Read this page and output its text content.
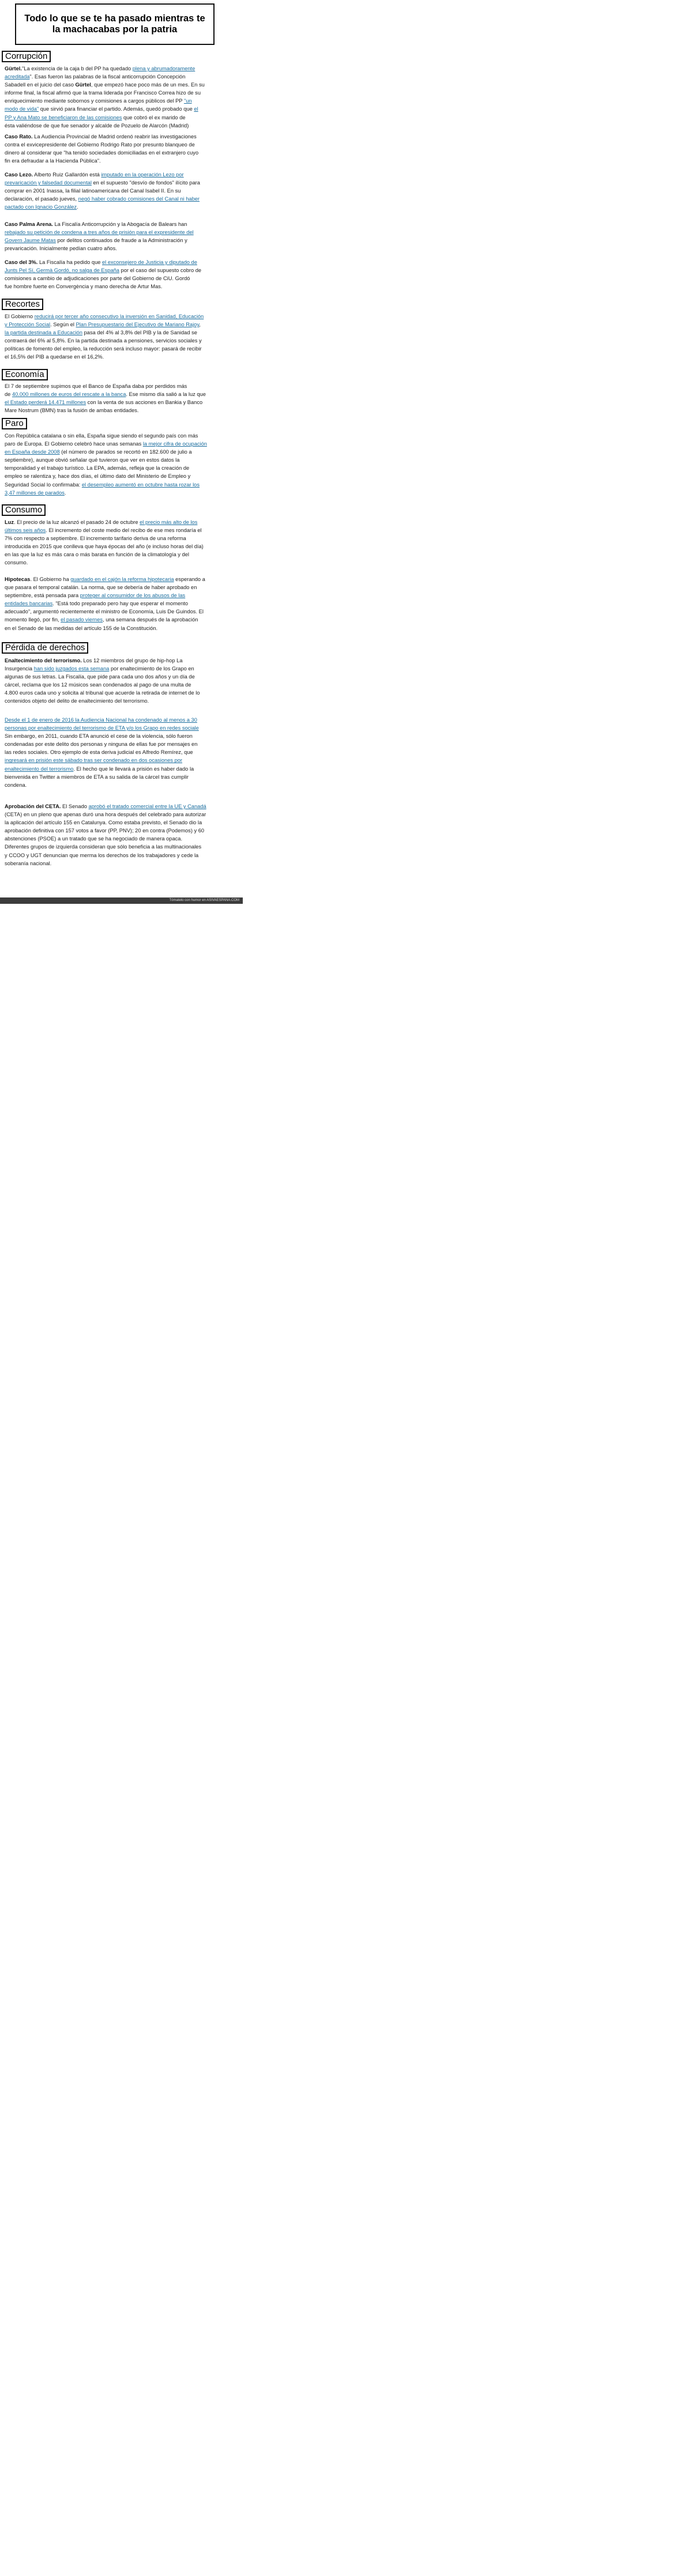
Todo lo que se te ha pasado mientras te la machacabas por la patria
Corrupción
Gürtel."La existencia de la caja b del PP ha quedado plena y abrumadoramente
acreditada". Esas fueron las palabras de la fiscal anticorrupción Concepción
Sabadell en el juicio del caso Gürtel, que empezó hace poco más de un mes. En su
informe final, la fiscal afirmó que la trama liderada por Francisco Correa hizo de su
enriquecimiento mediante sobornos y comisiones a cargos públicos del PP "un
modo de vida" que sirvió para financiar el partido. Además, quedó probado que el
PP y Ana Mato se beneficiaron de las comisiones que cobró el ex marido de
ésta valiéndose de que fue senador y alcalde de Pozuelo de Alarcón (Madrid)
Caso Rato. La Audiencia Provincial de Madrid ordenó reabrir las investigaciones
contra el exvicepresidente del Gobierno Rodrigo Rato por presunto blanqueo de
dinero al considerar que "ha tenido sociedades domiciliadas en el extranjero cuyo
fin era defraudar a la Hacienda Pública".
Caso Lezo. Alberto Ruiz Gallardón está imputado en la operación Lezo por
prevaricación y falsedad documental en el supuesto "desvío de fondos" ilícito para
comprar en 2001 Inassa, la filial latinoamericana del Canal Isabel II. En su
declaración, el pasado jueves, negó haber cobrado comisiones del Canal ni haber
pactado con Ignacio González.
Caso Palma Arena. La Fiscalía Anticorrupción y la Abogacía de Balears han
rebajado su petición de condena a tres años de prisión para el expresidente del
Govern Jaume Matas por delitos continuados de fraude a la Administración y
prevaricación. Inicialmente pedían cuatro años.
Caso del 3%. La Fiscalía ha pedido que el exconsejero de Justicia y diputado de
Junts Pel Sí, Germà Gordó, no salga de España por el caso del supuesto cobro de
comisiones a cambio de adjudicaciones por parte del Gobierno de CiU. Gordó
fue hombre fuerte en Convergència y mano derecha de Artur Mas.
Recortes
El Gobierno reducirá por tercer año consecutivo la inversión en Sanidad, Educación
y Protección Social. Según el Plan Presupuestario del Ejecutivo de Mariano Rajoy,
la partida destinada a Educación pasa del 4% al 3,8% del PIB y la de Sanidad se
contraerá del 6% al 5,8%. En la partida destinada a pensiones, servicios sociales y
políticas de fomento del empleo, la reducción será incluso mayor: pasará de recibir
el 16,5% del PIB a quedarse en el 16,2%.
Economía
El 7 de septiembre supimos que el Banco de España daba por perdidos más
de 40.000 millones de euros del rescate a la banca. Ese mismo día salió a la luz que
el Estado perderá 14.471 millones con la venta de sus acciones en Bankia y Banco
Mare Nostrum (BMN) tras la fusión de ambas entidades.
Paro
Con República catalana o sin ella, España sigue siendo el segundo país con más
paro de Europa. El Gobierno celebró hace unas semanas la mejor cifra de ocupación
en España desde 2008 (el número de parados se recortó en 182.600 de julio a
septiembre), aunque obvió señalar qué tuvieron que ver en estos datos la
temporalidad y el trabajo turístico. La EPA, además, refleja que la creación de
empleo se ralentiza y, hace dos días, el último dato del Ministerio de Empleo y
Seguridad Social lo confirmaba: el desempleo aumentó en octubre hasta rozar los
3,47 millones de parados.
Consumo
Luz. El precio de la luz alcanzó el pasado 24 de octubre el precio más alto de los
últimos seis años. El incremento del coste medio del recibo de ese mes rondaría el
7% con respecto a septiembre. El incremento tarifario deriva de una reforma
introducida en 2015 que conlleva que haya épocas del año (e incluso horas del día)
en las que la luz es más cara o más barata en función de la climatología y del
consumo.
Hipotecas. El Gobierno ha guardado en el cajón la reforma hipotecaria esperando a
que pasara el temporal catalán. La norma, que se debería de haber aprobado en
septiembre, está pensada para proteger al consumidor de los abusos de las
entidades bancarias. "Está todo preparado pero hay que esperar el momento
adecuado", argumentó recientemente el ministro de Economía, Luis De Guindos. El
momento llegó, por fin, el pasado viernes, una semana después de la aprobación
en el Senado de las medidas del artículo 155 de la Constitución.
Pérdida de derechos
Enaltecimiento del terrorismo. Los 12 miembros del grupo de hip-hop La
Insurgencia han sido juzgados esta semana por enaltecimiento de los Grapo en
algunas de sus letras. La Fiscalía, que pide para cada uno dos años y un día de
cárcel, reclama que los 12 músicos sean condenados al pago de una multa de
4.800 euros cada uno y solicita al tribunal que acuerde la retirada de internet de lo
contenidos objeto del delito de enaltecimiento del terrorismo.
Desde el 1 de enero de 2016 la Audiencia Nacional ha condenado al menos a 30
personas por enaltecimiento del terrorismo de ETA y/o los Grapo en redes sociale
Sin embargo, en 2011, cuando ETA anunció el cese de la violencia, sólo fueron
condenadas por este delito dos personas y ninguna de ellas fue por mensajes en
las redes sociales. Otro ejemplo de esta deriva judicial es Alfredo Remírez, que
ingresará en prisión este sábado tras ser condenado en dos ocasiones por
enaltecimiento del terrorismo. El hecho que le llevará a prisión es haber dado la
bienvenida en Twitter a miembros de ETA a su salida de la cárcel tras cumplir
condena.
Aprobación del CETA. El Senado aprobó el tratado comercial entre la UE y Canadá
(CETA) en un pleno que apenas duró una hora después del celebrado para autorizar
la aplicación del artículo 155 en Catalunya. Como estaba previsto, el Senado dio la
aprobación definitiva con 157 votos a favor (PP, PNV); 20 en contra (Podemos) y 60
abstenciones (PSOE) a un tratado que se ha negociado de manera opaca.
Diferentes grupos de izquierda consideran que sólo beneficia a las multinacionales
y CCOO y UGT denuncian que merma los derechos de los trabajadores y cede la
soberanía nacional.
Tómatelo con humor en ASIVAESPANA.COM
